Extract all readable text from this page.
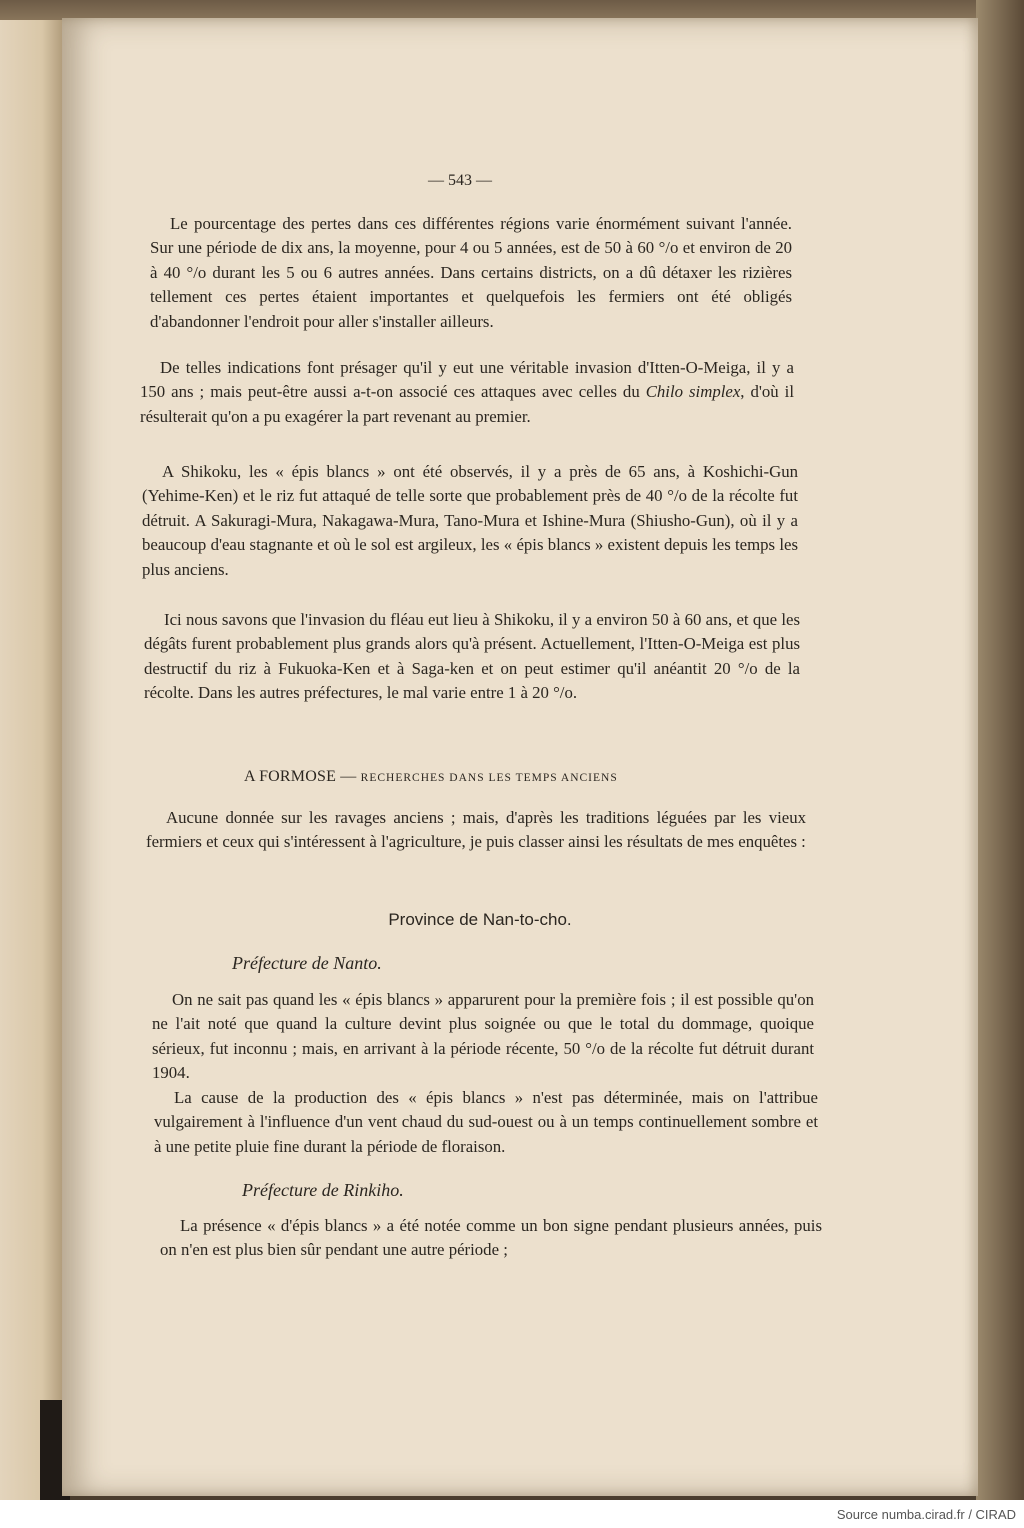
— 543 —

Le pourcentage des pertes dans ces différentes régions varie énormément suivant l'année. Sur une période de dix ans, la moyenne, pour 4 ou 5 années, est de 50 à 60 °/o et environ de 20 à 40 °/o durant les 5 ou 6 autres années. Dans certains districts, on a dû détaxer les rizières tellement ces pertes étaient importantes et quelquefois les fermiers ont été obligés d'abandonner l'endroit pour aller s'installer ailleurs.

De telles indications font présager qu'il y eut une véritable invasion d'Itten-O-Meiga, il y a 150 ans ; mais peut-être aussi a-t-on associé ces attaques avec celles du Chilo simplex, d'où il résulterait qu'on a pu exagérer la part revenant au premier.

A Shikoku, les « épis blancs » ont été observés, il y a près de 65 ans, à Koshichi-Gun (Yehime-Ken) et le riz fut attaqué de telle sorte que probablement près de 40 °/o de la récolte fut détruit. A Sakuragi-Mura, Nakagawa-Mura, Tano-Mura et Ishine-Mura (Shiusho-Gun), où il y a beaucoup d'eau stagnante et où le sol est argileux, les « épis blancs » existent depuis les temps les plus anciens.

Ici nous savons que l'invasion du fléau eut lieu à Shikoku, il y a environ 50 à 60 ans, et que les dégâts furent probablement plus grands alors qu'à présent. Actuellement, l'Itten-O-Meiga est plus destructif du riz à Fukuoka-Ken et à Saga-ken et on peut estimer qu'il anéantit 20 °/o de la récolte. Dans les autres préfectures, le mal varie entre 1 à 20 °/o.

A FORMOSE — RECHERCHES DANS LES TEMPS ANCIENS

Aucune donnée sur les ravages anciens ; mais, d'après les traditions léguées par les vieux fermiers et ceux qui s'intéressent à l'agriculture, je puis classer ainsi les résultats de mes enquêtes :

Province de Nan-to-cho.
Préfecture de Nanto.

On ne sait pas quand les « épis blancs » apparurent pour la première fois ; il est possible qu'on ne l'ait noté que quand la culture devint plus soignée ou que le total du dommage, quoique sérieux, fut inconnu ; mais, en arrivant à la période récente, 50 °/o de la récolte fut détruit durant 1904.

La cause de la production des « épis blancs » n'est pas déterminée, mais on l'attribue vulgairement à l'influence d'un vent chaud du sud-ouest ou à un temps continuellement sombre et à une petite pluie fine durant la période de floraison.

Préfecture de Rinkiho.

La présence « d'épis blancs » a été notée comme un bon signe pendant plusieurs années, puis on n'en est plus bien sûr pendant une autre période ;

Source numba.cirad.fr / CIRAD
